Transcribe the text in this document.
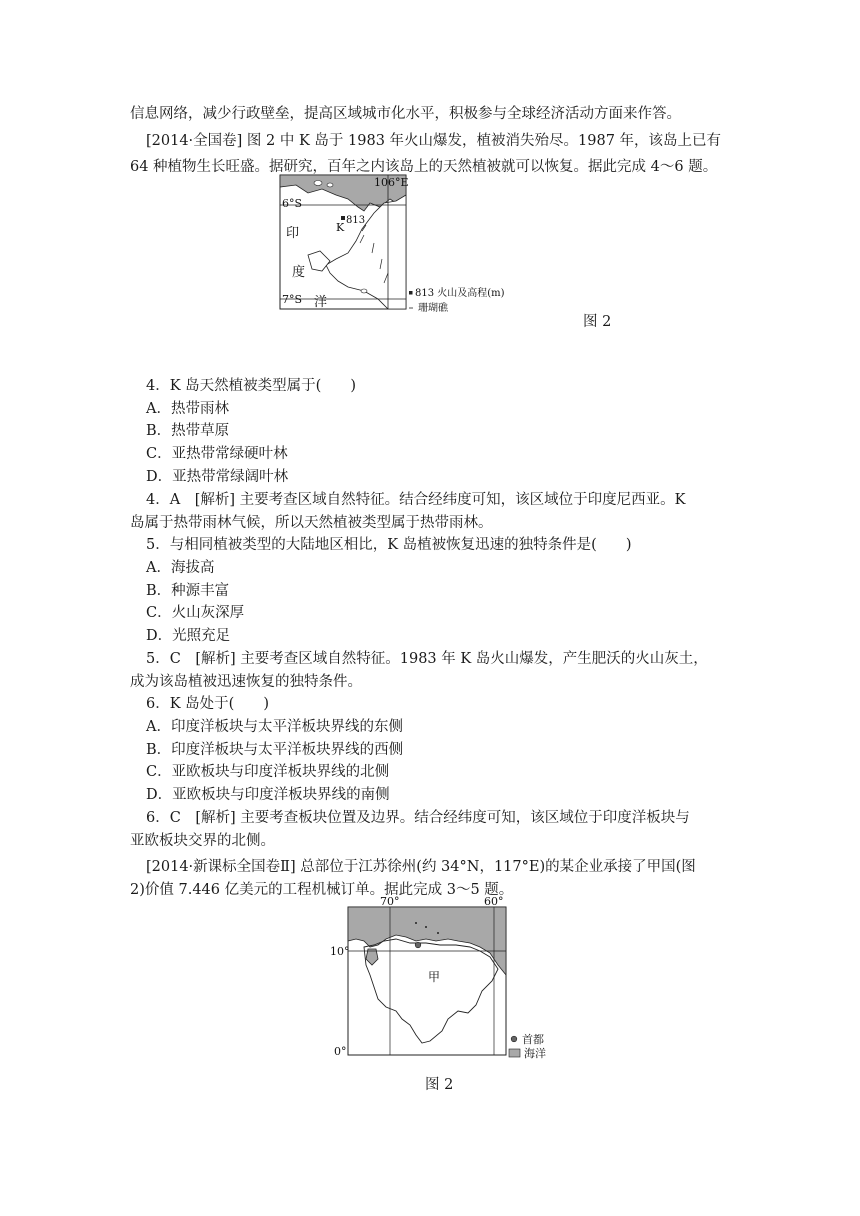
信息网络，减少行政壁垒，提高区域城市化水平，积极参与全球经济活动方面来作答。
[2014·全国卷] 图 2 中 K 岛于 1983 年火山爆发，植被消失殆尽。1987 年，该岛上已有
64 种植物生长旺盛。据研究，百年之内该岛上的天然植被就可以恢复。据此完成 4～6 题。
106°E
6°S
7°S
K
813
印
度
洋
813 火山及高程(m)
珊瑚礁
图 2
4．K 岛天然植被类型属于(　　)
A．热带雨林
B．热带草原
C．亚热带常绿硬叶林
D．亚热带常绿阔叶林
4．A　[解析] 主要考查区域自然特征。结合经纬度可知，该区域位于印度尼西亚。K
岛属于热带雨林气候，所以天然植被类型属于热带雨林。
5．与相同植被类型的大陆地区相比，K 岛植被恢复迅速的独特条件是(　　)
A．海拔高
B．种源丰富
C．火山灰深厚
D．光照充足
5．C　[解析] 主要考查区域自然特征。1983 年 K 岛火山爆发，产生肥沃的火山灰土，
成为该岛植被迅速恢复的独特条件。
6．K 岛处于(　　)
A．印度洋板块与太平洋板块界线的东侧
B．印度洋板块与太平洋板块界线的西侧
C．亚欧板块与印度洋板块界线的北侧
D．亚欧板块与印度洋板块界线的南侧
6．C　[解析] 主要考查板块位置及边界。结合经纬度可知，该区域位于印度洋板块与
亚欧板块交界的北侧。
[2014·新课标全国卷Ⅱ] 总部位于江苏徐州(约 34°N，117°E)的某企业承接了甲国(图
2)价值 7.446 亿美元的工程机械订单。据此完成 3～5 题。
70°	60°
10°
0°
甲
首都
海洋
图 2
